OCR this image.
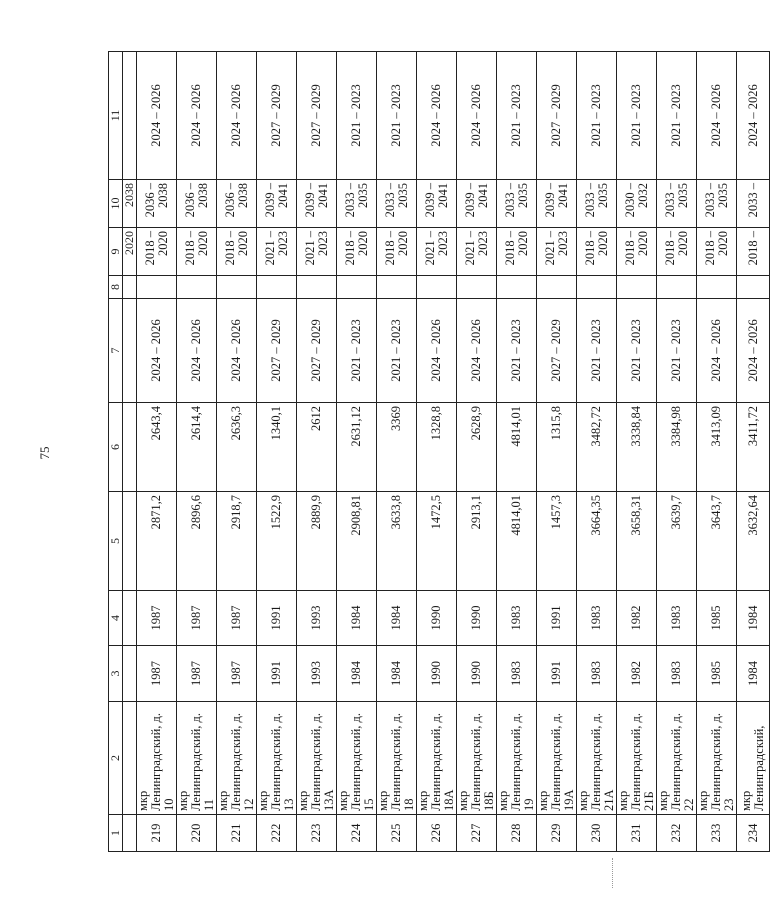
75
1	2	3	4	5	6	7	8	9	10	11
								2020	2038	
219	мкр Ленинградский, д. 10	1987	1987	2871,2	2643,4	2024 – 2026		2018 – 2020	2036 – 2038	2024 – 2026
220	мкр Ленинградский, д. 11	1987	1987	2896,6	2614,4	2024 – 2026		2018 – 2020	2036 – 2038	2024 – 2026
221	мкр Ленинградский, д. 12	1987	1987	2918,7	2636,3	2024 – 2026		2018 – 2020	2036 – 2038	2024 – 2026
222	мкр Ленинградский, д. 13	1991	1991	1522,9	1340,1	2027 – 2029		2021 – 2023	2039 – 2041	2027 – 2029
223	мкр Ленинградский, д. 13А	1993	1993	2889,9	2612	2027 – 2029		2021 – 2023	2039 – 2041	2027 – 2029
224	мкр Ленинградский, д. 15	1984	1984	2908,81	2631,12	2021 – 2023		2018 – 2020	2033 – 2035	2021 – 2023
225	мкр Ленинградский, д. 18	1984	1984	3633,8	3369	2021 – 2023		2018 – 2020	2033 – 2035	2021 – 2023
226	мкр Ленинградский, д. 18А	1990	1990	1472,5	1328,8	2024 – 2026		2021 – 2023	2039 – 2041	2024 – 2026
227	мкр Ленинградский, д. 18Б	1990	1990	2913,1	2628,9	2024 – 2026		2021 – 2023	2039 – 2041	2024 – 2026
228	мкр Ленинградский, д. 19	1983	1983	4814,01	4814,01	2021 – 2023		2018 – 2020	2033 – 2035	2021 – 2023
229	мкр Ленинградский, д. 19А	1991	1991	1457,3	1315,8	2027 – 2029		2021 – 2023	2039 – 2041	2027 – 2029
230	мкр Ленинградский, д. 21А	1983	1983	3664,35	3482,72	2021 – 2023		2018 – 2020	2033 – 2035	2021 – 2023
231	мкр Ленинградский, д. 21Б	1982	1982	3658,31	3338,84	2021 – 2023		2018 – 2020	2030 – 2032	2021 – 2023
232	мкр Ленинградский, д. 22	1983	1983	3639,7	3384,98	2021 – 2023		2018 – 2020	2033 – 2035	2021 – 2023
233	мкр Ленинградский, д. 23	1985	1985	3643,7	3413,09	2024 – 2026		2018 – 2020	2033 – 2035	2024 – 2026
234	мкр Ленинградский,	1984	1984	3632,64	3411,72	2024 – 2026		2018 –	2033 –	2024 – 2026
